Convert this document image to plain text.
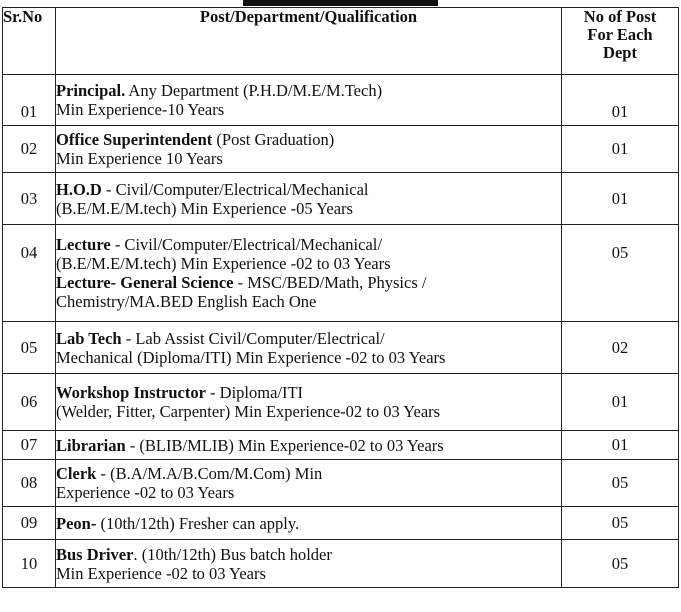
Sr.No	Post/Department/Qualification	No of Post
For Each
Dept

01	Principal. Any Department (P.H.D/M.E/M.Tech)
Min Experience-10 Years	01
02	Office Superintendent (Post Graduation)
Min Experience 10 Years	01
03	H.O.D - Civil/Computer/Electrical/Mechanical
(B.E/M.E/M.tech) Min Experience -05 Years	01
04	Lecture - Civil/Computer/Electrical/Mechanical/
(B.E/M.E/M.tech) Min Experience -02 to 03 Years
Lecture- General Science - MSC/BED/Math, Physics /
Chemistry/MA.BED English Each One	05
05	Lab Tech - Lab Assist Civil/Computer/Electrical/
Mechanical (Diploma/ITI) Min Experience -02 to 03 Years	02
06	Workshop Instructor - Diploma/ITI
(Welder, Fitter, Carpenter) Min Experience-02 to 03 Years	01
07	Librarian - (BLIB/MLIB) Min Experience-02 to 03 Years	01
08	Clerk - (B.A/M.A/B.Com/M.Com) Min
Experience -02 to 03 Years	05
09	Peon- (10th/12th) Fresher can apply.	05
10	Bus Driver. (10th/12th) Bus batch holder
Min Experience -02 to 03 Years	05
